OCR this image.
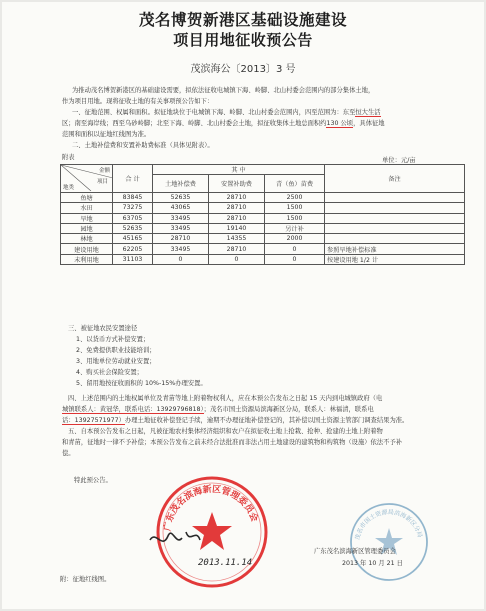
茂名博贺新港区基础设施建设
项目用地征收预公告
茂滨海公〔2013〕3 号
为推动茂名博贺新港区的基础建设需要，拟依法征收电城镇下海、岭脚、北山村委会范围内的部分集体土地，
作为项目用地。现将征收土地的有关事项预公告如下：
一、征地范围、权属和面积。拟征地块位于电城镇下海、岭脚、北山村委会范围内，四至范围为：东至恒大生活
区；南至海岸线；西至乌砂岭脚；北至下海、岭脚、北山村委会土地，拟征收集体土地总面积约130 公顷，具体征地
范围和面积以征地红线图为准。
二、土地补偿费和安置补助费标准（具体见附表）。
附表	单位：元/亩
金额
项目
地类	合 计	其 中			备注
		土地补偿费	安置补助费	青（鱼）苗费	
鱼塘	83845	52635	28710	2500	
水田	73275	43065	28710	1500	
旱地	63705	33495	28710	1500	
园地	52635	33495	19140	另计补	
林地	45165	28710	14355	2000	
建设用地	62205	33495	28710	0	参照旱地补偿标准
未利用地	31103	0	0	0	按建设用地 1/2 计
三、被征地农民安置途径
1、以货币方式补偿安置；
2、免费提供职业技能培训；
3、用地单位劳动就业安置；
4、购买社会保险安置；
5、留用地按征收面积的 10%-15%办理安置。
四、上述范围内的土地权属单位及青苗等地上附着物权利人，应在本预公告发布之日起 15 天内到电城镇政府（电
城镇联系人：黄冠华，联系电话：13929796818）；茂名市国土资源局滨海新区分局，联系人：林福清，联系电
话：13927571977）办理土地征收补偿登记手续，逾期不办理征地补偿登记的，其补偿以国土资源主管部门调查结果为准。
五、自本预公告发布之日起，凡被征地农村集体经济组织和农户在拟征收土地上抢栽、抢种、抢建的土地上附着物
和青苗，征地时一律不予补偿；本预公告发布之前未经合法批准而非法占用土地建设的建筑物和构筑物（设施）依法不予补
偿。
特此预公告。
广东茂名滨海新区管理委员会
2013.11.14
附：征地红线图。
茂名市国土资源局滨海新区分局
广东茂名滨海新区管理委员会
2013 年 10 月 21 日
